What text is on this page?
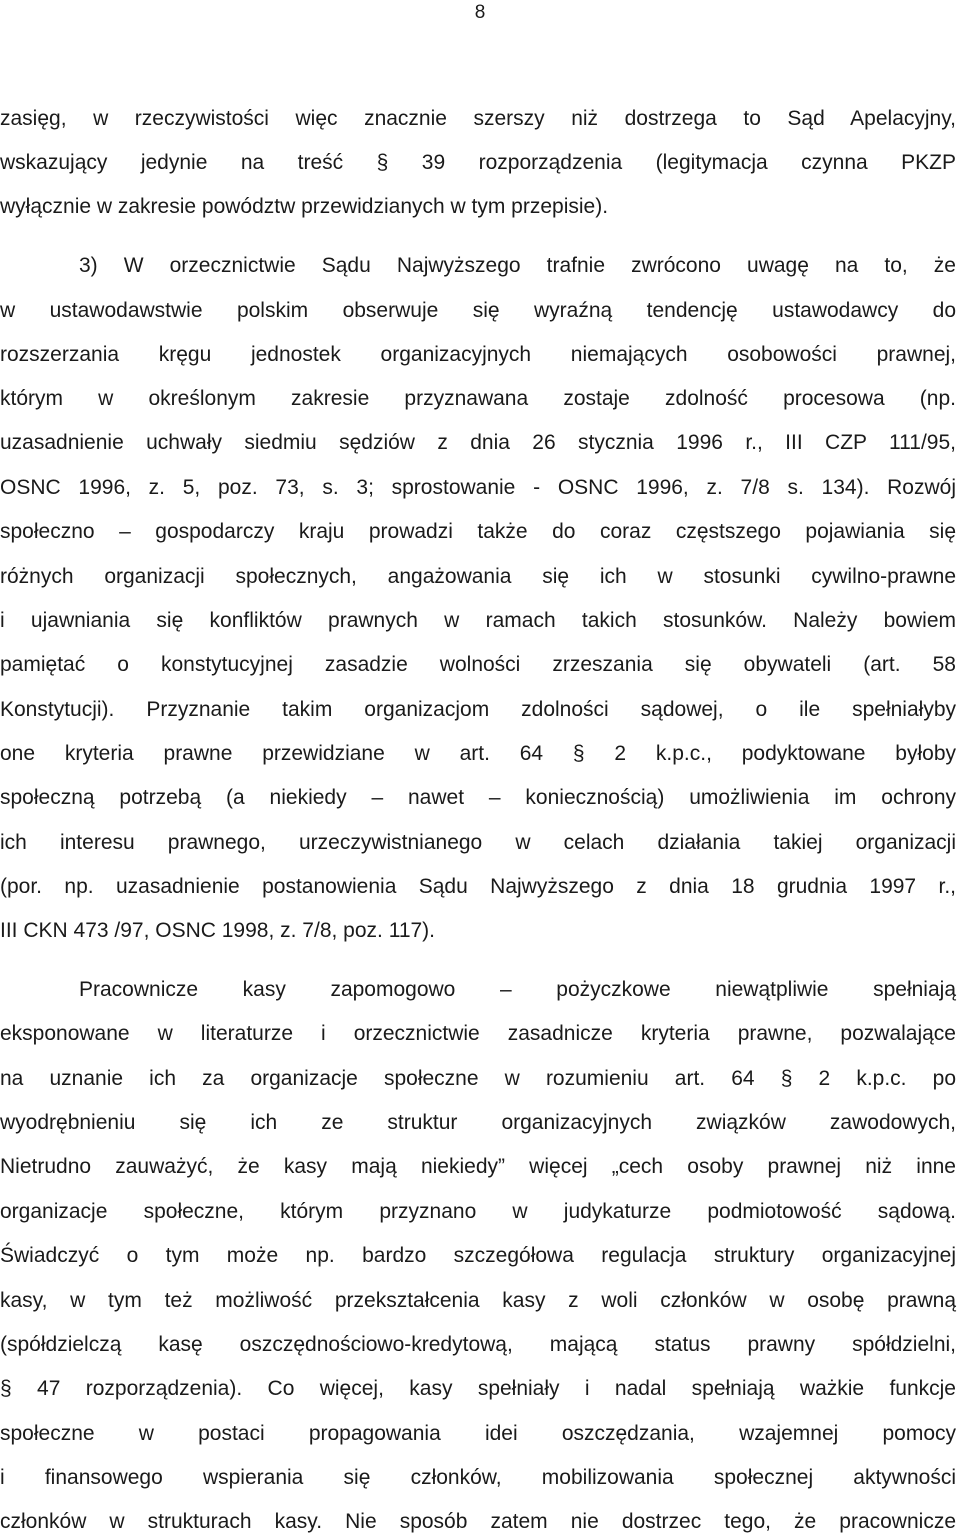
8
zasięg, w rzeczywistości więc znacznie szerszy niż dostrzega to Sąd Apelacyjny,
wskazujący jedynie na treść § 39 rozporządzenia (legitymacja czynna PKZP
wyłącznie w zakresie powództw przewidzianych w tym przepisie).
3) W orzecznictwie Sądu Najwyższego trafnie zwrócono uwagę na to, że
w ustawodawstwie polskim obserwuje się wyraźną tendencję ustawodawcy do
rozszerzania kręgu jednostek organizacyjnych niemających osobowości prawnej,
którym w określonym zakresie przyznawana zostaje zdolność procesowa (np.
uzasadnienie uchwały siedmiu sędziów z dnia 26 stycznia 1996 r., III CZP 111/95,
OSNC 1996, z. 5, poz. 73, s. 3; sprostowanie - OSNC 1996, z. 7/8 s. 134). Rozwój
społeczno – gospodarczy kraju prowadzi także do coraz częstszego pojawiania się
różnych organizacji społecznych, angażowania się ich w stosunki cywilno-prawne
i ujawniania się konfliktów prawnych w ramach takich stosunków. Należy bowiem
pamiętać o konstytucyjnej zasadzie wolności zrzeszania się obywateli (art. 58
Konstytucji). Przyznanie takim organizacjom zdolności sądowej, o ile spełniałyby
one kryteria prawne przewidziane w art. 64 § 2 k.p.c., podyktowane byłoby
społeczną potrzebą (a niekiedy – nawet – koniecznością) umożliwienia im ochrony
ich interesu prawnego, urzeczywistnianego w celach działania takiej organizacji
(por. np. uzasadnienie postanowienia Sądu Najwyższego z dnia 18 grudnia 1997 r.,
III CKN 473 /97, OSNC 1998, z. 7/8, poz. 117).
Pracownicze kasy zapomogowo – pożyczkowe niewątpliwie spełniają
eksponowane w literaturze i orzecznictwie zasadnicze kryteria prawne, pozwalające
na uznanie ich za organizacje społeczne w rozumieniu art. 64 § 2 k.p.c. po
wyodrębnieniu się ich ze struktur organizacyjnych związków zawodowych,
Nietrudno zauważyć, że kasy mają niekiedy” więcej „cech osoby prawnej niż inne
organizacje społeczne, którym przyznano w judykaturze podmiotowość sądową.
Świadczyć o tym może np. bardzo szczegółowa regulacja struktury organizacyjnej
kasy, w tym też możliwość przekształcenia kasy z woli członków w osobę prawną
(spółdzielczą kasę oszczędnościowo-kredytową, mającą status prawny spółdzielni,
§ 47 rozporządzenia). Co więcej, kasy spełniały i nadal spełniają ważkie funkcje
społeczne w postaci propagowania idei oszczędzania, wzajemnej pomocy
i finansowego wspierania się członków, mobilizowania społecznej aktywności
członków w strukturach kasy. Nie sposób zatem nie dostrzec tego, że pracownicze
